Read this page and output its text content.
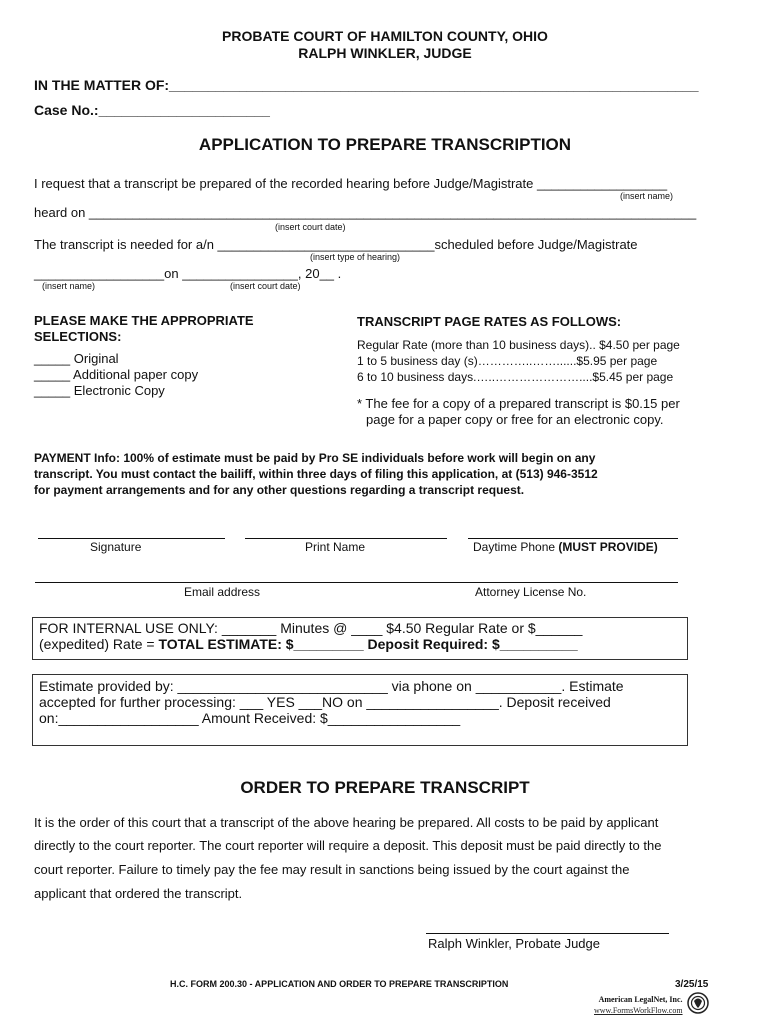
PROBATE COURT OF HAMILTON COUNTY, OHIO
RALPH WINKLER, JUDGE
IN THE MATTER OF:____________________________________________________________________
Case No.:______________________
APPLICATION TO PREPARE TRANSCRIPTION
I request that a transcript be prepared of the recorded hearing before Judge/Magistrate __________________
(insert name)
heard on ____________________________________________________________________________________
(insert court date)
The transcript is needed for a/n ______________________________scheduled before Judge/Magistrate
(insert type of hearing)
__________________on ________________, 20__ .
(insert name)	(insert court date)
PLEASE MAKE THE APPROPRIATE
SELECTIONS:
_____ Original
_____ Additional paper copy
_____ Electronic Copy
TRANSCRIPT PAGE RATES AS FOLLOWS:
Regular Rate (more than 10 business days).. $4.50 per page
1 to 5 business day (s)…………..……......$5.95 per page
6 to 10 business days.…..…………………....$5.45 per page
* The fee for a copy of a prepared transcript is $0.15 per
page for a paper copy or free for an electronic copy.
PAYMENT Info: 100% of estimate must be paid by Pro SE individuals before work will begin on any
transcript. You must contact the bailiff, within three days of filing this application, at (513) 946-3512
for payment arrangements and for any other questions regarding a transcript request.
Signature	Print Name	Daytime Phone (MUST PROVIDE)
Email address	Attorney License No.
FOR INTERNAL USE ONLY: _______ Minutes @ ____ $4.50 Regular Rate or $______
(expedited) Rate = TOTAL ESTIMATE: $_________ Deposit Required: $__________
Estimate provided by: ___________________________ via phone on ___________. Estimate
accepted for further processing: ___ YES ___NO on _________________. Deposit received
on:__________________ Amount Received: $_________________
ORDER TO PREPARE TRANSCRIPT
It is the order of this court that a transcript of the above hearing be prepared. All costs to be paid by applicant
directly to the court reporter. The court reporter will require a deposit. This deposit must be paid directly to the
court reporter. Failure to timely pay the fee may result in sanctions being issued by the court against the
applicant that ordered the transcript.
Ralph Winkler, Probate Judge
H.C. FORM 200.30 - APPLICATION AND ORDER TO PREPARE TRANSCRIPTION	3/25/15
American LegalNet, Inc.
www.FormsWorkFlow.com
